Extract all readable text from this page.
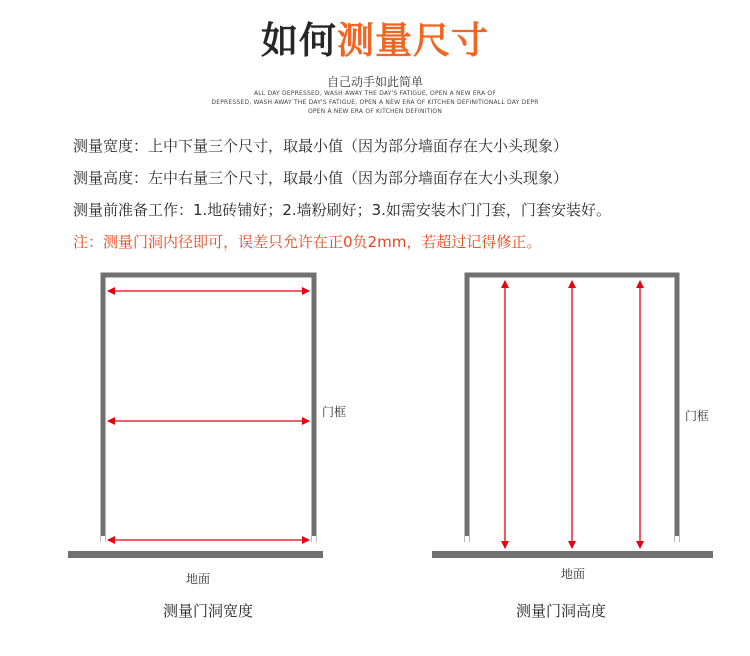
如何测量尺寸
自己动手如此简单
ALL DAY DEPRESSED, WASH AWAY THE DAY'S FATIGUE, OPEN A NEW ERA OF
DEPRESSED, WASH AWAY THE DAY'S FATIGUE, OPEN A NEW ERA OF KITCHEN DEFINITIONALL DAY DEPR
OPEN A NEW ERA OF KITCHEN DEFINITION
测量宽度：上中下量三个尺寸，取最小值（因为部分墙面存在大小头现象）
测量高度：左中右量三个尺寸，取最小值（因为部分墙面存在大小头现象）
测量前准备工作：1.地砖铺好；2.墙粉刷好；3.如需安装木门门套，门套安装好。
注：测量门洞内径即可，误差只允许在正0负2mm，若超过记得修正。
门框
地面
测量门洞宽度
门框
地面
测量门洞高度
